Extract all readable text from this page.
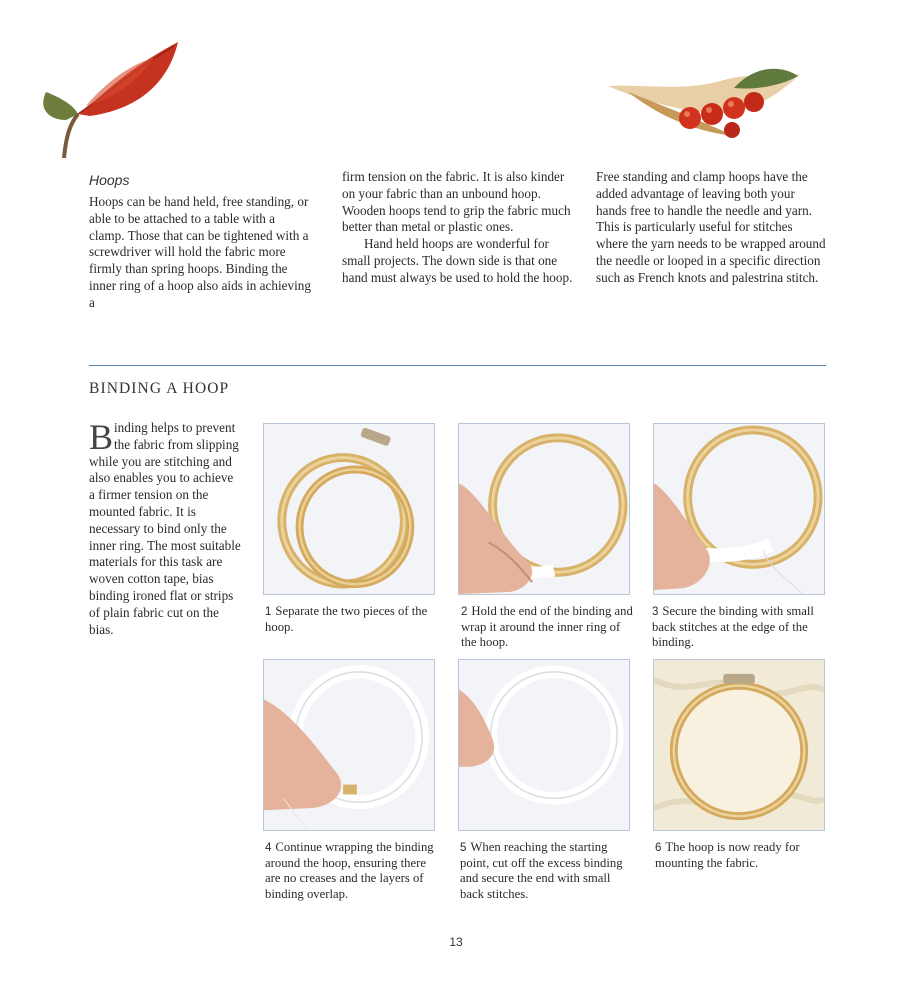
Hoops

Hoops can be hand held, free standing, or able to be attached to a table with a clamp. Those that can be tightened with a screwdriver will hold the fabric more firmly than spring hoops. Binding the inner ring of a hoop also aids in achieving a

firm tension on the fabric. It is also kinder on your fabric than an unbound hoop. Wooden hoops tend to grip the fabric much better than metal or plastic ones.

Hand held hoops are wonderful for small projects. The down side is that one hand must always be used to hold the hoop.

Free standing and clamp hoops have the added advantage of leaving both your hands free to handle the needle and yarn. This is particularly useful for stitches where the yarn needs to be wrapped around the needle or looped in a specific direction such as French knots and palestrina stitch.

BINDING A HOOP
Binding helps to prevent the fabric from slipping while you are stitching and also enables you to achieve a firmer tension on the mounted fabric. It is necessary to bind only the inner ring. The most suitable materials for this task are woven cotton tape, bias binding ironed flat or strips of plain fabric cut on the bias.
1 Separate the two pieces of the hoop.
2 Hold the end of the binding and wrap it around the inner ring of the hoop.
3 Secure the binding with small back stitches at the edge of the binding.
4 Continue wrapping the binding around the hoop, ensuring there are no creases and the layers of binding overlap.
5 When reaching the starting point, cut off the excess binding and secure the end with small back stitches.
6 The hoop is now ready for mounting the fabric.
13
